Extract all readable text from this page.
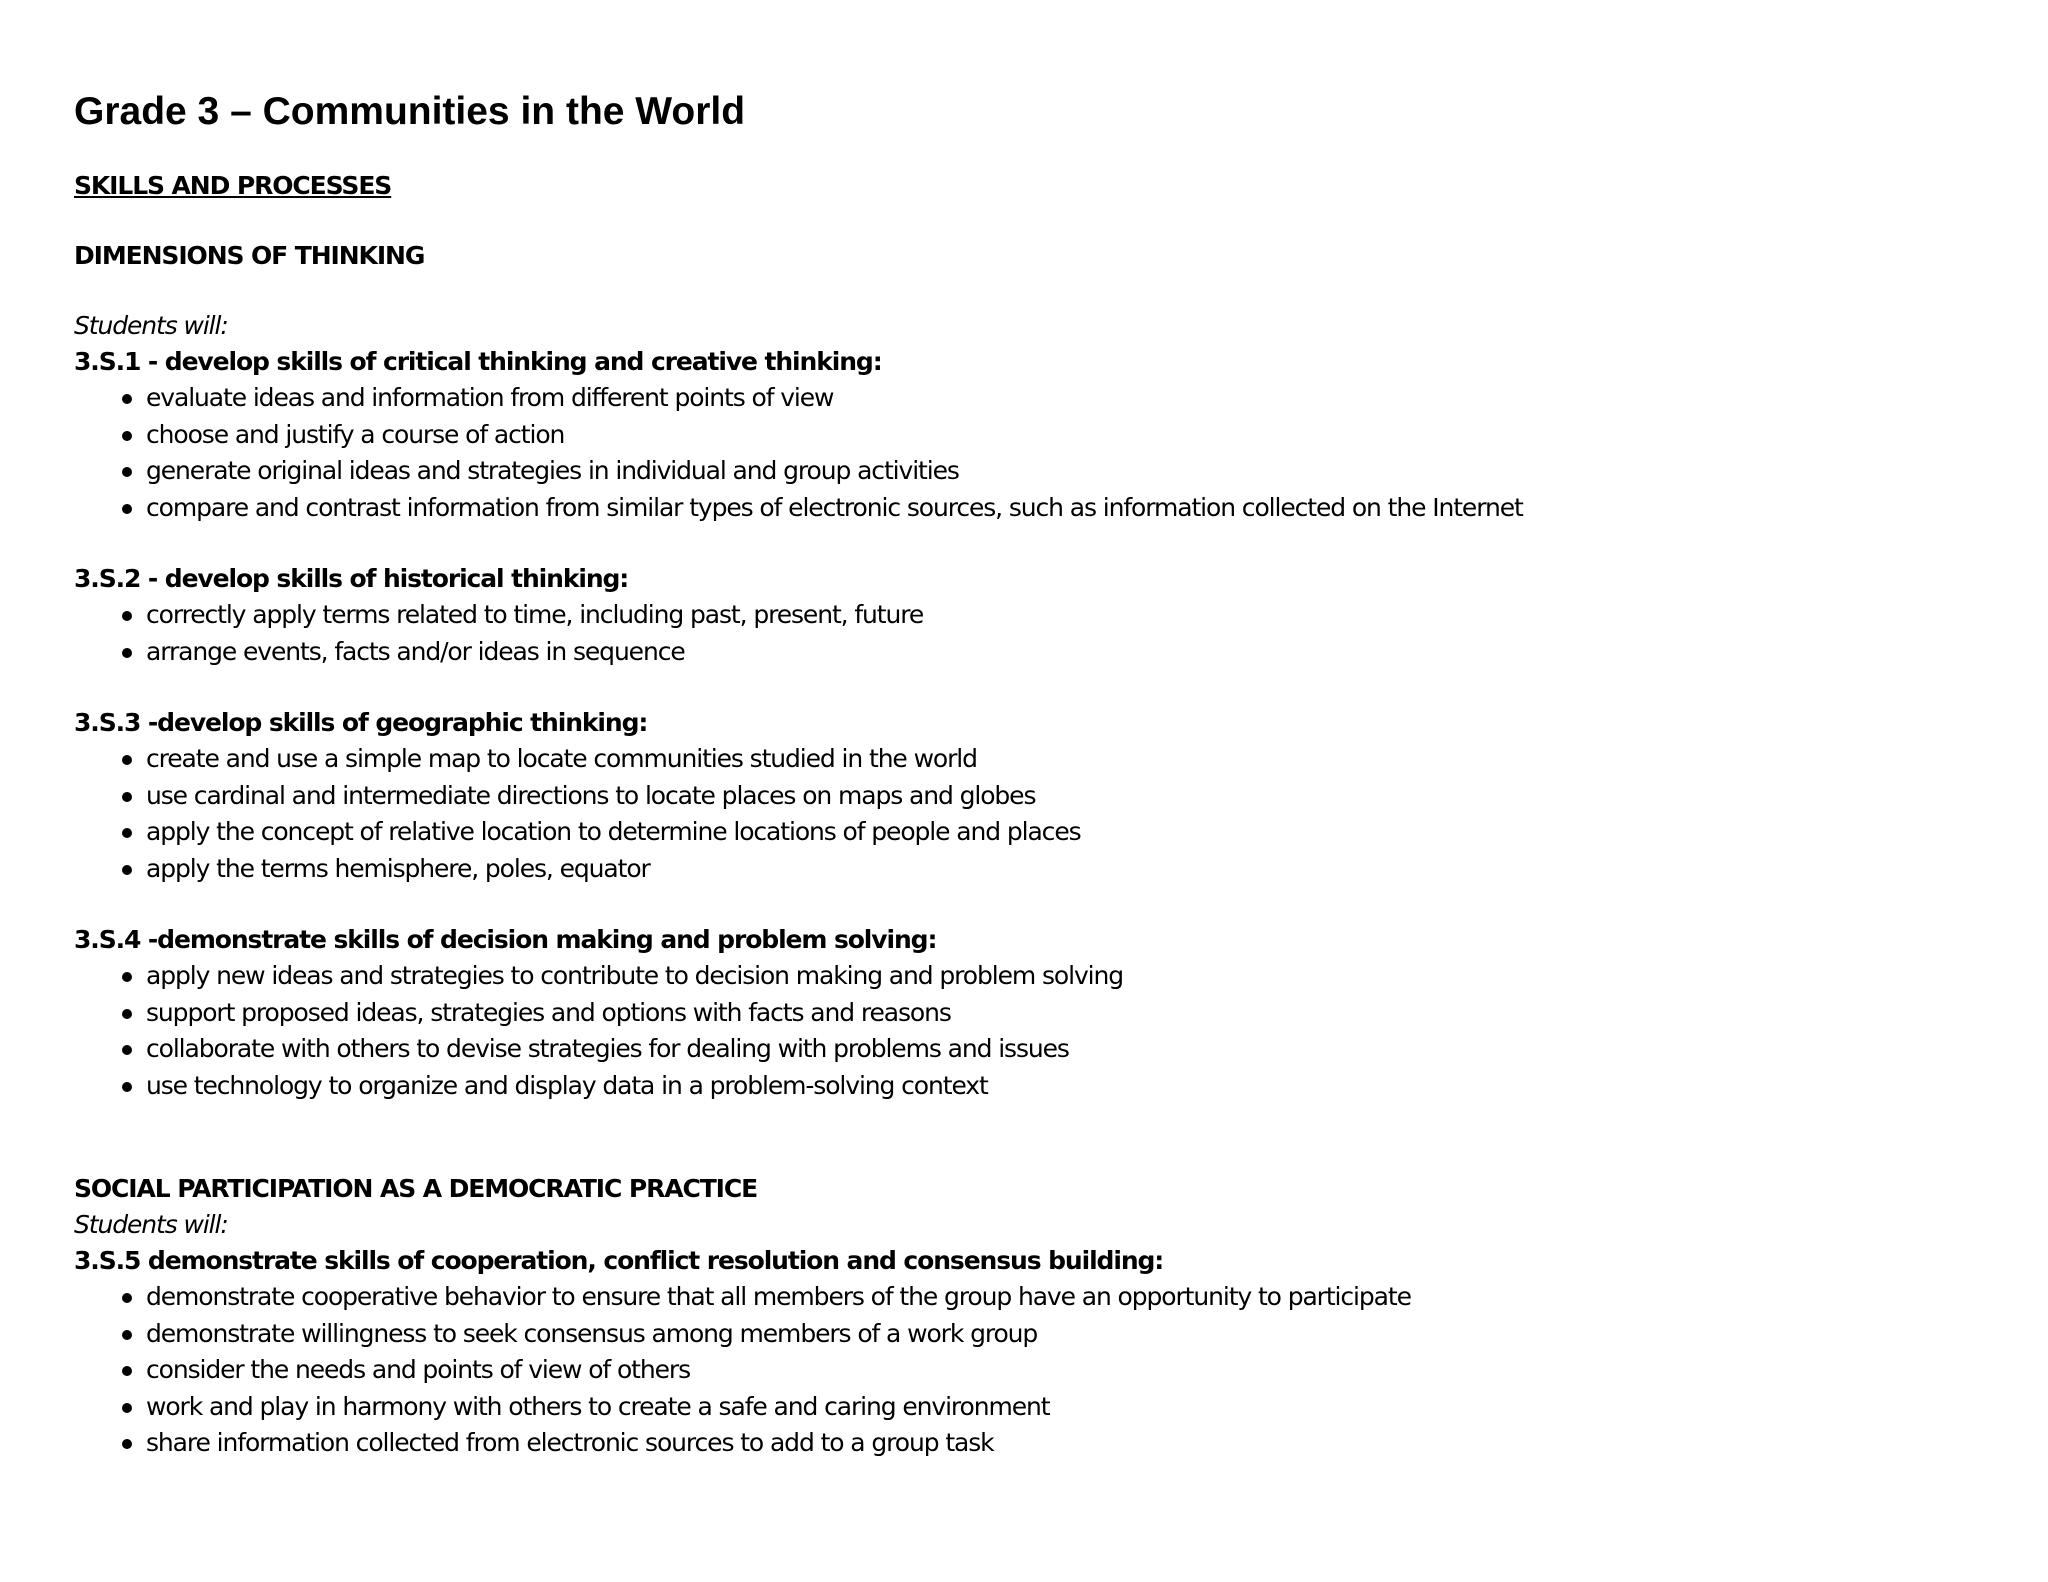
Grade 3 – Communities in the World
SKILLS AND PROCESSES
DIMENSIONS OF THINKING
Students will:
3.S.1 - develop skills of critical thinking and creative thinking:
evaluate ideas and information from different points of view
choose and justify a course of action
generate original ideas and strategies in individual and group activities
compare and contrast information from similar types of electronic sources, such as information collected on the Internet
3.S.2 - develop skills of historical thinking:
correctly apply terms related to time, including past, present, future
arrange events, facts and/or ideas in sequence
3.S.3 -develop skills of geographic thinking:
create and use a simple map to locate communities studied in the world
use cardinal and intermediate directions to locate places on maps and globes
apply the concept of relative location to determine locations of people and places
apply the terms hemisphere, poles, equator
3.S.4 -demonstrate skills of decision making and problem solving:
apply new ideas and strategies to contribute to decision making and problem solving
support proposed ideas, strategies and options with facts and reasons
collaborate with others to devise strategies for dealing with problems and issues
use technology to organize and display data in a problem-solving context
SOCIAL PARTICIPATION AS A DEMOCRATIC PRACTICE
Students will:
3.S.5 demonstrate skills of cooperation, conflict resolution and consensus building:
demonstrate cooperative behavior to ensure that all members of the group have an opportunity to participate
demonstrate willingness to seek consensus among members of a work group
consider the needs and points of view of others
work and play in harmony with others to create a safe and caring environment
share information collected from electronic sources to add to a group task
